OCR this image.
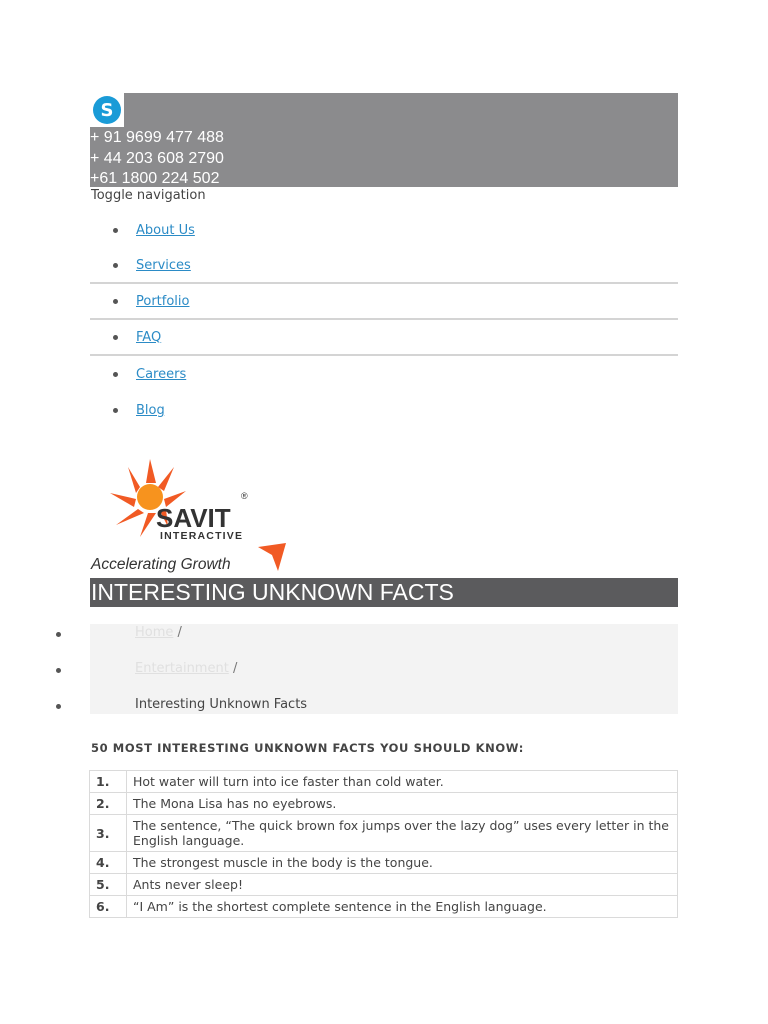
S
+ 91 9699 477 488
+ 44 203 608 2790
+61 1800 224 502
Toggle navigation
About Us
Services
Portfolio
FAQ
Careers
Blog
SAVIT
®
INTERACTIVE
Accelerating Growth
INTERESTING UNKNOWN FACTS
Home /
Entertainment /
Interesting Unknown Facts
50 MOST INTERESTING UNKNOWN FACTS YOU SHOULD KNOW:
1.	Hot water will turn into ice faster than cold water.
2.	The Mona Lisa has no eyebrows.
3.	The sentence, “The quick brown fox jumps over the lazy dog” uses every letter in the English language.
4.	The strongest muscle in the body is the tongue.
5.	Ants never sleep!
6.	“I Am” is the shortest complete sentence in the English language.
